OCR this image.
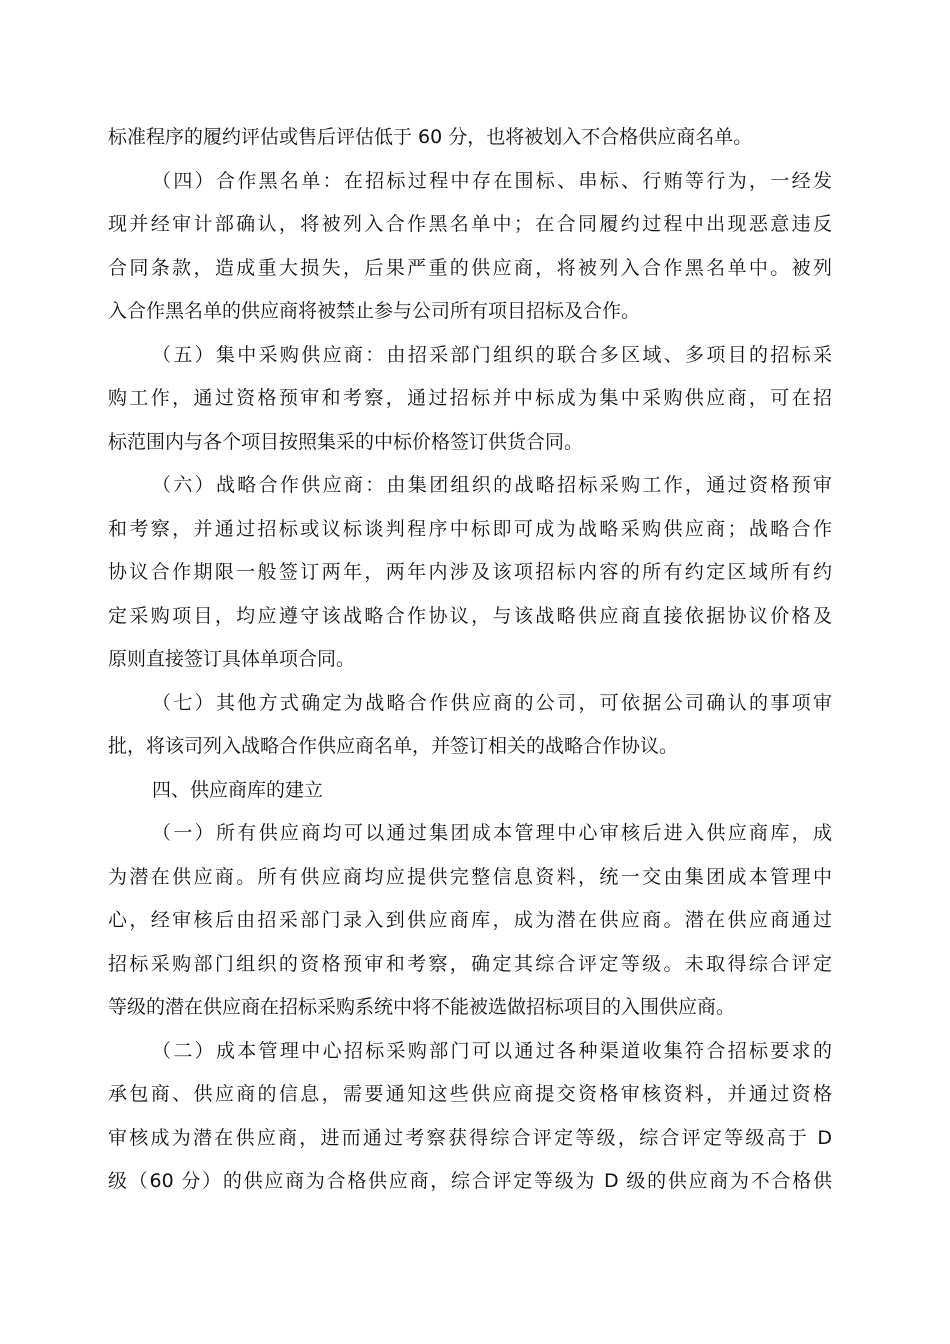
标准程序的履约评估或售后评估低于 60 分，也将被划入不合格供应商名单。
（四）合作黑名单：在招标过程中存在围标、串标、行贿等行为，一经发
现并经审计部确认，将被列入合作黑名单中；在合同履约过程中出现恶意违反
合同条款，造成重大损失，后果严重的供应商，将被列入合作黑名单中。被列
入合作黑名单的供应商将被禁止参与公司所有项目招标及合作。
（五）集中采购供应商：由招采部门组织的联合多区域、多项目的招标采
购工作，通过资格预审和考察，通过招标并中标成为集中采购供应商，可在招
标范围内与各个项目按照集采的中标价格签订供货合同。
（六）战略合作供应商：由集团组织的战略招标采购工作，通过资格预审
和考察，并通过招标或议标谈判程序中标即可成为战略采购供应商；战略合作
协议合作期限一般签订两年，两年内涉及该项招标内容的所有约定区域所有约
定采购项目，均应遵守该战略合作协议，与该战略供应商直接依据协议价格及
原则直接签订具体单项合同。
（七）其他方式确定为战略合作供应商的公司，可依据公司确认的事项审
批，将该司列入战略合作供应商名单，并签订相关的战略合作协议。
四、供应商库的建立
（一）所有供应商均可以通过集团成本管理中心审核后进入供应商库，成
为潜在供应商。所有供应商均应提供完整信息资料，统一交由集团成本管理中
心，经审核后由招采部门录入到供应商库，成为潜在供应商。潜在供应商通过
招标采购部门组织的资格预审和考察，确定其综合评定等级。未取得综合评定
等级的潜在供应商在招标采购系统中将不能被选做招标项目的入围供应商。
（二）成本管理中心招标采购部门可以通过各种渠道收集符合招标要求的
承包商、供应商的信息，需要通知这些供应商提交资格审核资料，并通过资格
审核成为潜在供应商，进而通过考察获得综合评定等级，综合评定等级高于 D
级（60 分）的供应商为合格供应商，综合评定等级为 D 级的供应商为不合格供
